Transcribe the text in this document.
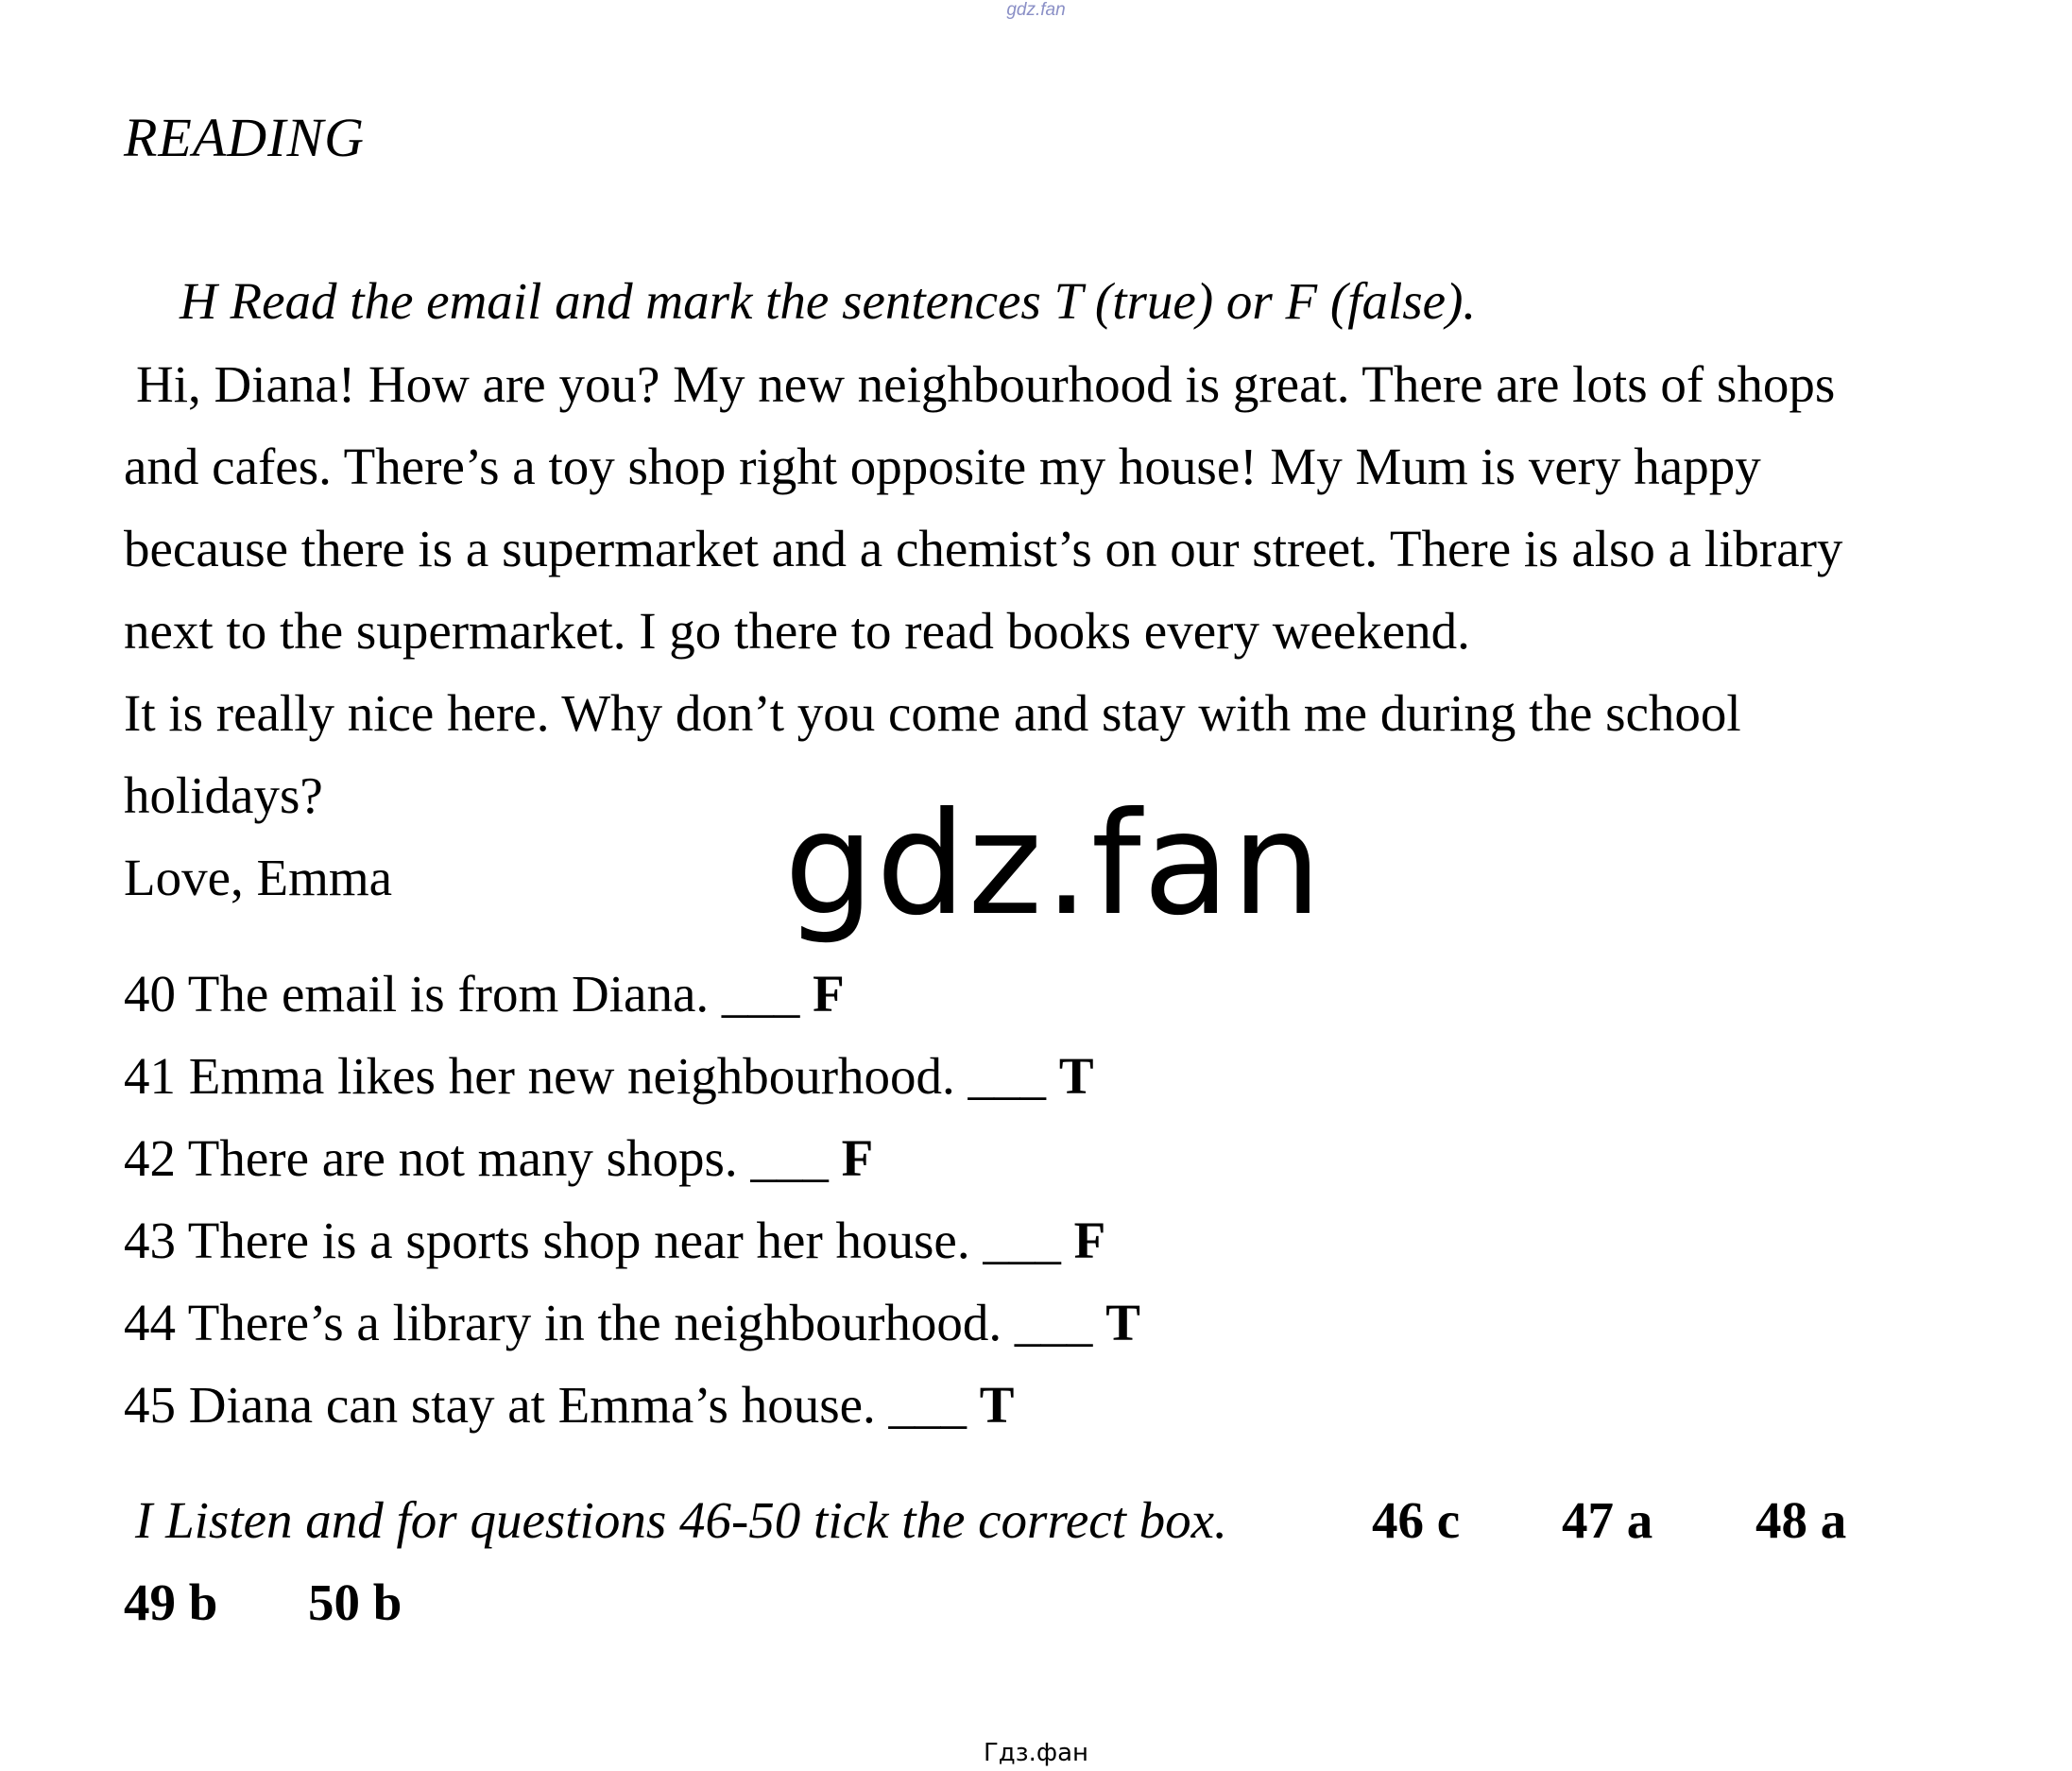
gdz.fan
READING
H Read the email and mark the sentences T (true) or F (false).
Hi, Diana! How are you? My new neighbourhood is great. There are lots of shops
and cafes. There’s a toy shop right opposite my house! My Mum is very happy
because there is a supermarket and a chemist’s on our street. There is also a library
next to the supermarket. I go there to read books every weekend.
It is really nice here. Why don’t you come and stay with me during the school
holidays?
Love, Emma	gdz.fan
40 The email is from Diana. ___ F
41 Emma likes her new neighbourhood. ___ T
42 There are not many shops. ___ F
43 There is a sports shop near her house. ___ F
44 There’s a library in the neighbourhood. ___ T
45 Diana can stay at Emma’s house. ___ T
I Listen and for questions 46-50 tick the correct box.	46 c 47 a 48 a
49 b 50 b
Гдз.фан
